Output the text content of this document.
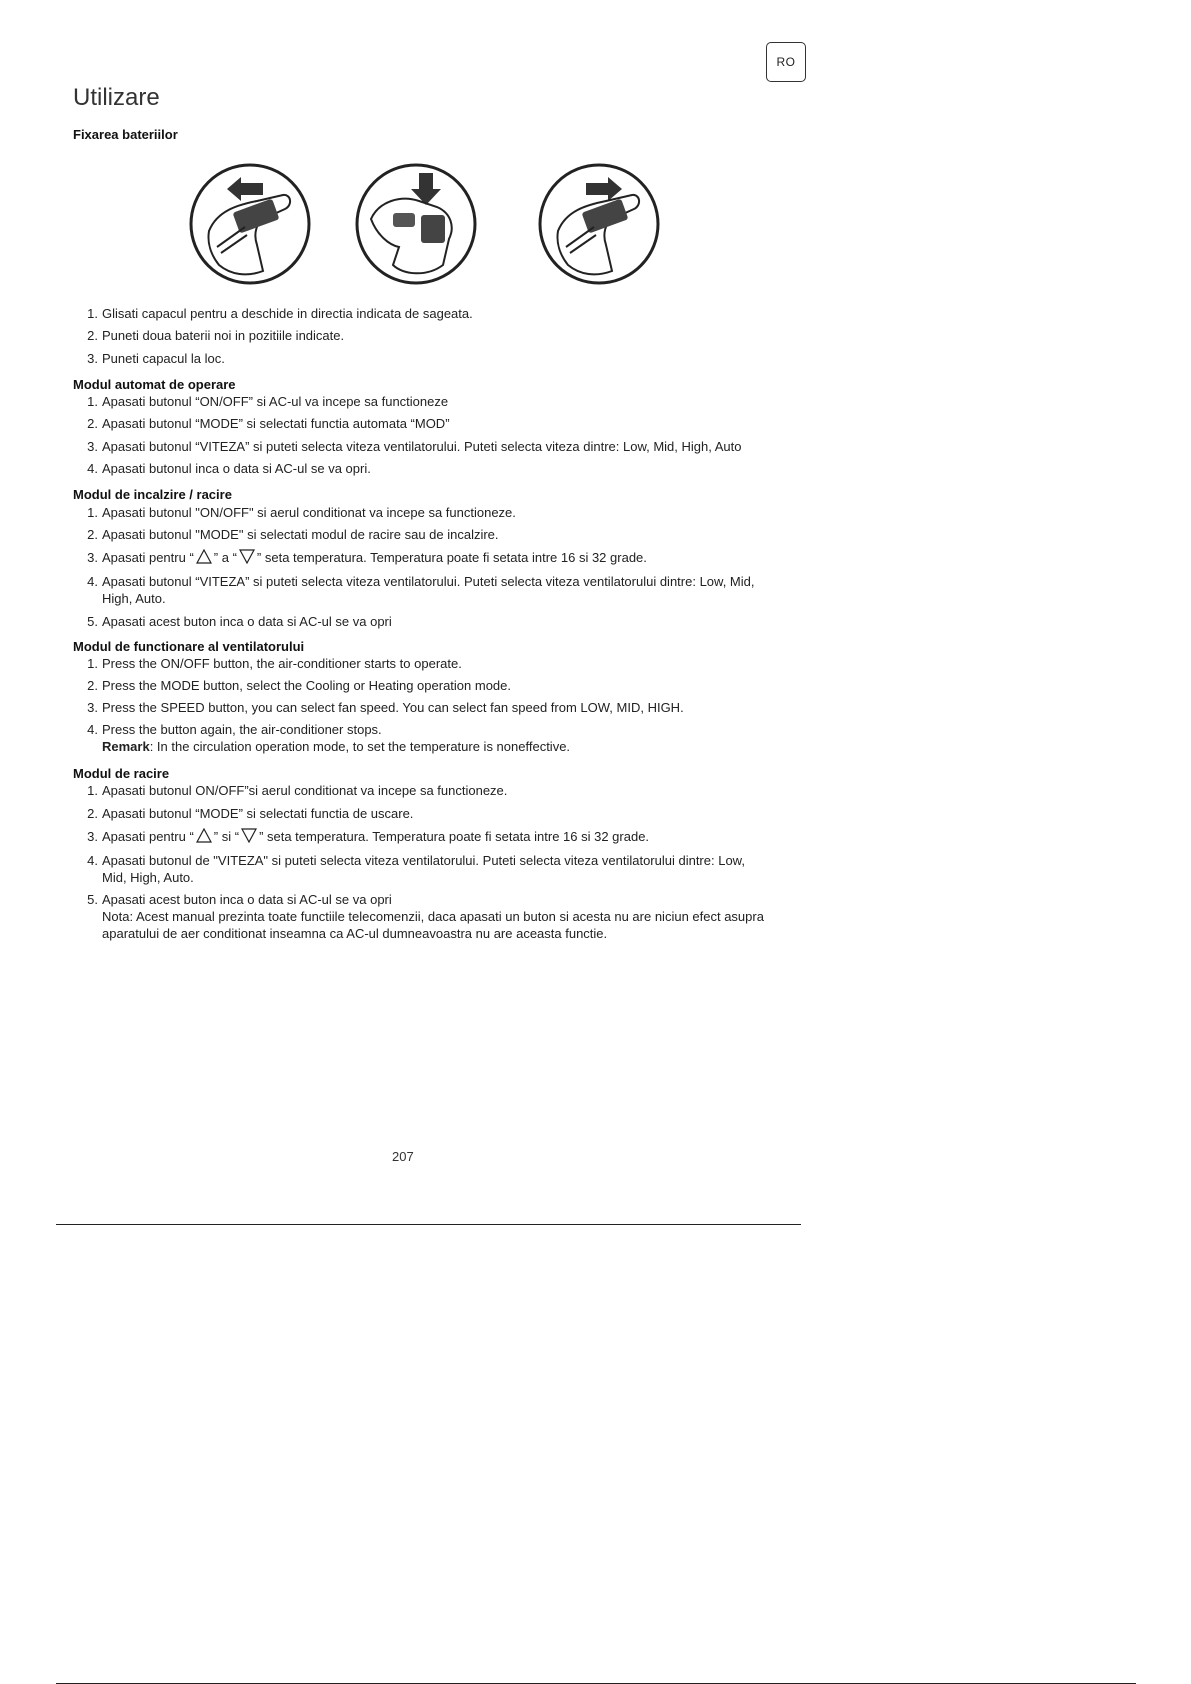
RO
Utilizare
Fixarea bateriilor
1. Glisati capacul pentru a deschide in directia indicata de sageata.
2. Puneti doua baterii noi in pozitiile indicate.
3. Puneti capacul la loc.
Modul automat de operare
1. Apasati butonul “ON/OFF” si AC-ul va incepe sa functioneze
2. Apasati butonul “MODE” si selectati functia automata “MOD”
3. Apasati butonul “VITEZA” si puteti selecta viteza ventilatorului. Puteti selecta viteza dintre: Low, Mid, High, Auto
4. Apasati butonul inca o data si AC-ul se va opri.
Modul de incalzire / racire
1. Apasati butonul "ON/OFF" si aerul conditionat va incepe sa functioneze.
2. Apasati butonul "MODE" si selectati modul de racire sau de incalzire.
3. Apasati pentru “ ” a “ ” seta temperatura. Temperatura poate fi setata intre 16 si 32 grade.
4. Apasati butonul “VITEZA” si puteti selecta viteza ventilatorului. Puteti selecta viteza ventilatorului dintre: Low, Mid, High, Auto.
5. Apasati acest buton inca o data si AC-ul se va opri
Modul de functionare al ventilatorului
1. Press the ON/OFF button, the air-conditioner starts to operate.
2. Press the MODE button, select the Cooling or Heating operation mode.
3. Press the SPEED button, you can select fan speed. You can select fan speed from LOW, MID, HIGH.
4. Press the button again, the air-conditioner stops.
Remark: In the circulation operation mode, to set the temperature is noneffective.
Modul de racire
1. Apasati butonul ON/OFF”si aerul conditionat va incepe sa functioneze.
2. Apasati butonul “MODE” si selectati functia de uscare.
3. Apasati pentru “ ” si “ ” seta temperatura. Temperatura poate fi setata intre 16 si 32 grade.
4. Apasati butonul de "VITEZA" si puteti selecta viteza ventilatorului. Puteti selecta viteza ventilatorului dintre: Low, Mid, High, Auto.
5. Apasati acest buton inca o data si AC-ul se va opri
Nota: Acest manual prezinta toate functiile telecomenzii, daca apasati un buton si acesta nu are niciun efect asupra aparatului de aer conditionat inseamna ca AC-ul dumneavoastra nu are aceasta functie.
207
